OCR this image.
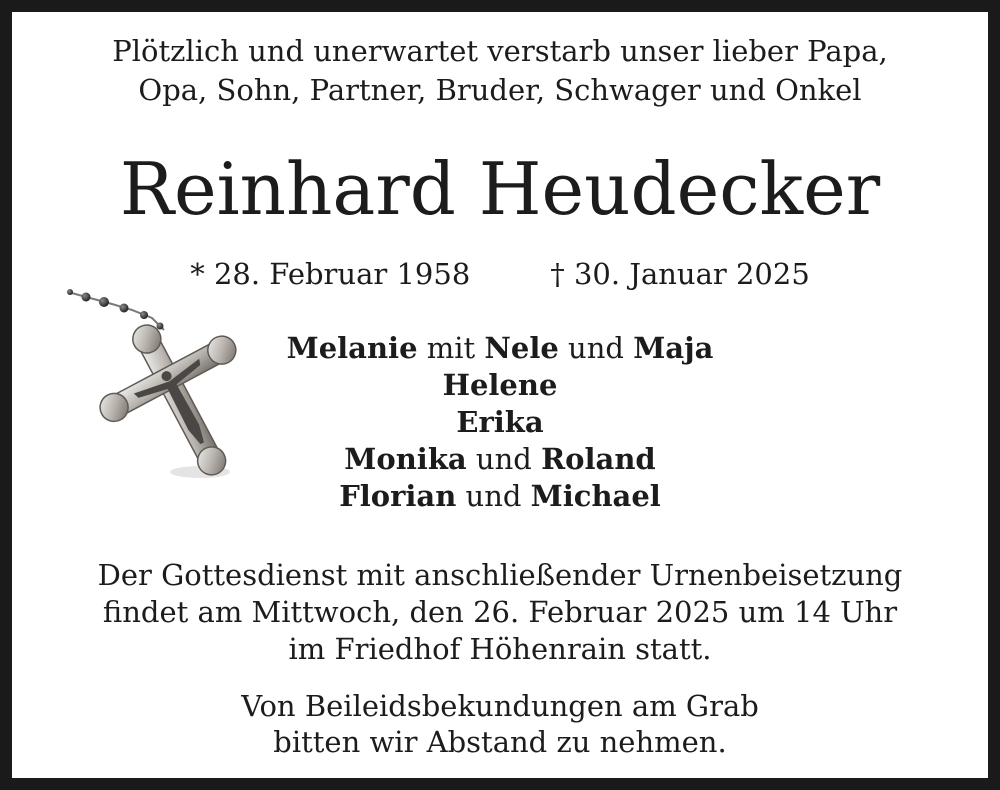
Plötzlich und unerwartet verstarb unser lieber Papa,
Opa, Sohn, Partner, Bruder, Schwager und Onkel
Reinhard Heudecker
* 28. Februar 1958	† 30. Januar 2025
Melanie mit Nele und Maja
Helene
Erika
Monika und Roland
Florian und Michael
Der Gottesdienst mit anschließender Urnenbeisetzung
findet am Mittwoch, den 26. Februar 2025 um 14 Uhr
im Friedhof Höhenrain statt.
Von Beileidsbekundungen am Grab
bitten wir Abstand zu nehmen.
